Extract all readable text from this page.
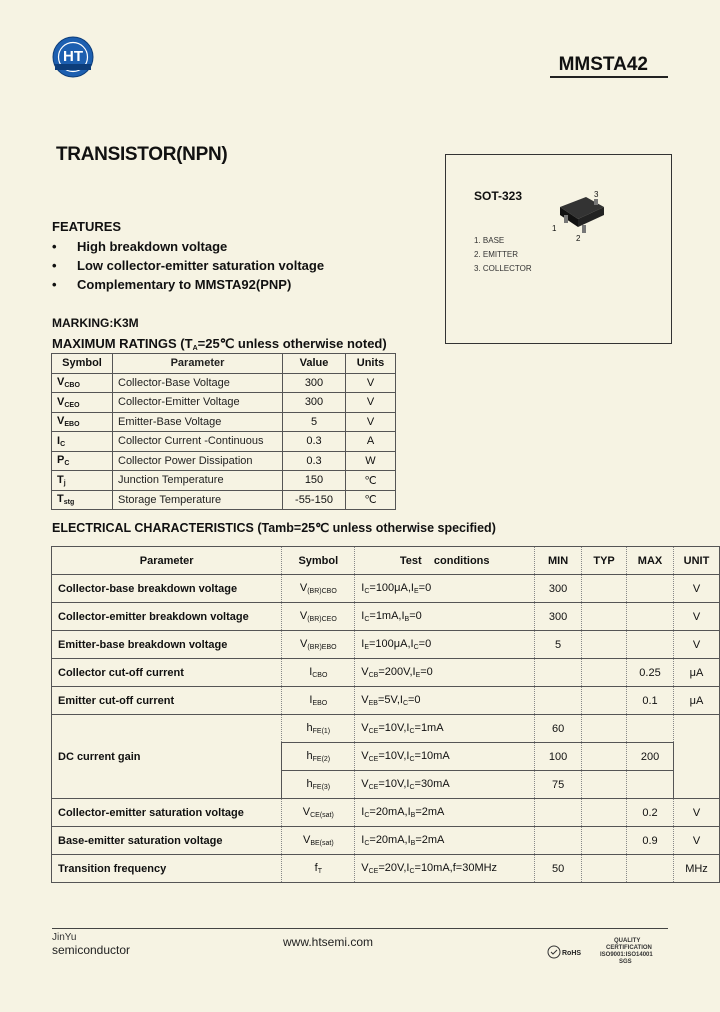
HT	MMSTA42
TRANSISTOR(NPN)
SOT-323
1
2
3
1. BASE
2. EMITTER
3. COLLECTOR
FEATURES
• High breakdown voltage
• Low collector-emitter saturation voltage
• Complementary to MMSTA92(PNP)
MARKING:K3M
MAXIMUM RATINGS ($T_A=25℃$ unless otherwise noted)
Symbol	Parameter	Value	Units
$V_{CBO}$	Collector-Base Voltage	300	V
$V_{CEO}$	Collector-Emitter Voltage	300	V
$V_{EBO}$	Emitter-Base Voltage	5	V
$I_C$	Collector Current -Continuous	0.3	A
$P_C$	Collector Power Dissipation	0.3	W
$T_j$	Junction Temperature	150	℃
$T_{stg}$	Storage Temperature	-55-150	℃
ELECTRICAL CHARACTERISTICS (Tamb=25℃ unless otherwise specified)
Parameter	Symbol	Test    conditions	MIN	TYP	MAX	UNIT
Collector-base breakdown voltage	$V_{(BR)CBO}$	$I_C=100\mu A,I_E=0$	300			V
Collector-emitter breakdown voltage	$V_{(BR)CEO}$	$I_C=1mA,I_B=0$	300			V
Emitter-base breakdown voltage	$V_{(BR)EBO}$	$I_E=100\mu A,I_C=0$	5			V
Collector cut-off current	$I_{CBO}$	$V_{CB}=200V,I_E=0$			0.25	μA
Emitter cut-off current	$I_{EBO}$	$V_{EB}=5V,I_C=0$			0.1	μA
DC current gain	$h_{FE(1)}$	$V_{CE}=10V,I_C=1mA$	60			
	$h_{FE(2)}$	$V_{CE}=10V,I_C=10mA$	100		200	
	$h_{FE(3)}$	$V_{CE}=10V,I_C=30mA$	75			
Collector-emitter saturation voltage	$V_{CE(sat)}$	$I_C=20mA,I_B=2mA$			0.2	V
Base-emitter saturation voltage	$V_{BE(sat)}$	$I_C=20mA,I_B=2mA$			0.9	V
Transition frequency	$f_T$	$V_{CE}=20V,I_C=10mA,f=30MHz$	50			MHz
JinYu
semiconductor
www.htsemi.com
RoHS
QUALITY
CERTIFICATION
ISO9001:ISO14001
SGS
